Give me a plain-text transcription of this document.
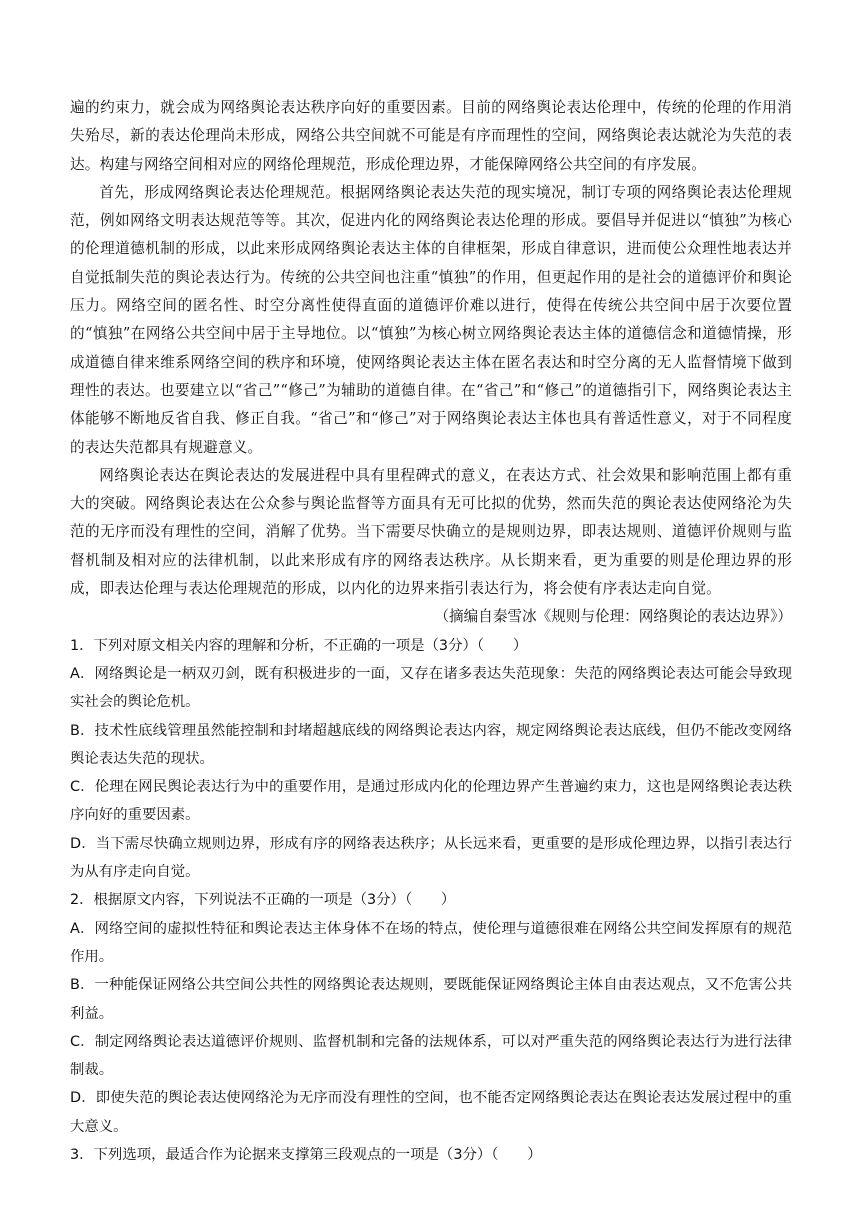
遍的约束力，就会成为网络舆论表达秩序向好的重要因素。目前的网络舆论表达伦理中，传统的伦理的作用消失殆尽，新的表达伦理尚未形成，网络公共空间就不可能是有序而理性的空间，网络舆论表达就沦为失范的表达。构建与网络空间相对应的网络伦理规范，形成伦理边界，才能保障网络公共空间的有序发展。

首先，形成网络舆论表达伦理规范。根据网络舆论表达失范的现实境况，制订专项的网络舆论表达伦理规范，例如网络文明表达规范等等。其次，促进内化的网络舆论表达伦理的形成。要倡导并促进以“慎独”为核心的伦理道德机制的形成，以此来形成网络舆论表达主体的自律框架，形成自律意识，进而使公众理性地表达并自觉抵制失范的舆论表达行为。传统的公共空间也注重“慎独”的作用，但更起作用的是社会的道德评价和舆论压力。网络空间的匿名性、时空分离性使得直面的道德评价难以进行，使得在传统公共空间中居于次要位置的“慎独”在网络公共空间中居于主导地位。以“慎独”为核心树立网络舆论表达主体的道德信念和道德情操，形成道德自律来维系网络空间的秩序和环境，使网络舆论表达主体在匿名表达和时空分离的无人监督情境下做到理性的表达。也要建立以“省己”“修己”为辅助的道德自律。在“省己”和“修己”的道德指引下，网络舆论表达主体能够不断地反省自我、修正自我。“省己”和“修己”对于网络舆论表达主体也具有普适性意义，对于不同程度的表达失范都具有规避意义。

网络舆论表达在舆论表达的发展进程中具有里程碑式的意义，在表达方式、社会效果和影响范围上都有重大的突破。网络舆论表达在公众参与舆论监督等方面具有无可比拟的优势，然而失范的舆论表达使网络沦为失范的无序而没有理性的空间，消解了优势。当下需要尽快确立的是规则边界，即表达规则、道德评价规则与监督机制及相对应的法律机制，以此来形成有序的网络表达秩序。从长期来看，更为重要的则是伦理边界的形成，即表达伦理与表达伦理规范的形成，以内化的边界来指引表达行为，将会使有序表达走向自觉。

（摘编自秦雪冰《规则与伦理：网络舆论的表达边界》）

1．下列对原文相关内容的理解和分析，不正确的一项是（3分）（　　）

A．网络舆论是一柄双刃剑，既有积极进步的一面，又存在诸多表达失范现象：失范的网络舆论表达可能会导致现实社会的舆论危机。

B．技术性底线管理虽然能控制和封堵超越底线的网络舆论表达内容，规定网络舆论表达底线，但仍不能改变网络舆论表达失范的现状。

C．伦理在网民舆论表达行为中的重要作用，是通过形成内化的伦理边界产生普遍约束力，这也是网络舆论表达秩序向好的重要因素。

D．当下需尽快确立规则边界，形成有序的网络表达秩序；从长远来看，更重要的是形成伦理边界，以指引表达行为从有序走向自觉。

2．根据原文内容，下列说法不正确的一项是（3分）（　　）

A．网络空间的虚拟性特征和舆论表达主体身体不在场的特点，使伦理与道德很难在网络公共空间发挥原有的规范作用。

B．一种能保证网络公共空间公共性的网络舆论表达规则，要既能保证网络舆论主体自由表达观点，又不危害公共利益。

C．制定网络舆论表达道德评价规则、监督机制和完备的法规体系，可以对严重失范的网络舆论表达行为进行法律制裁。

D．即使失范的舆论表达使网络沦为无序而没有理性的空间，也不能否定网络舆论表达在舆论表达发展过程中的重大意义。

3．下列选项，最适合作为论据来支撑第三段观点的一项是（3分）（　　）
